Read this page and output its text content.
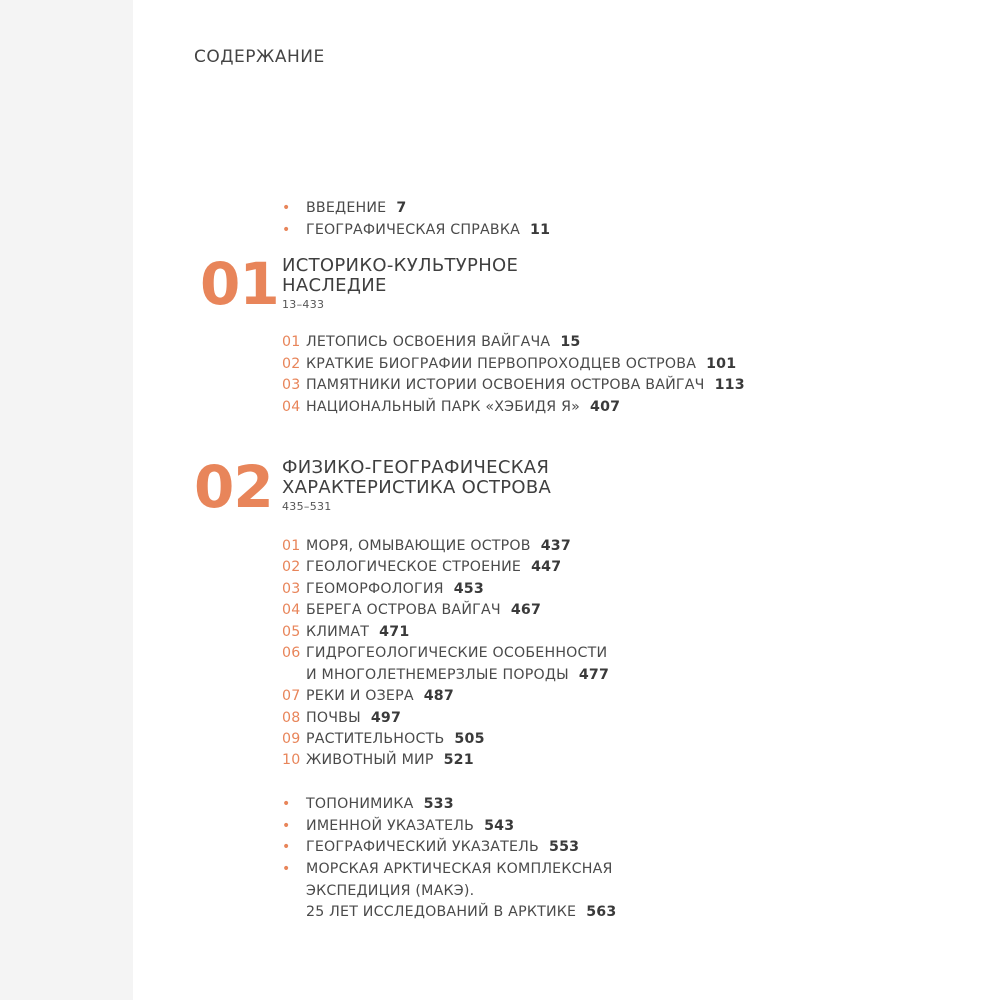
СОДЕРЖАНИЕ
• ВВЕДЕНИЕ 7
• ГЕОГРАФИЧЕСКАЯ СПРАВКА 11
01 ИСТОРИКО-КУЛЬТУРНОЕ
НАСЛЕДИЕ
13–433
01 ЛЕТОПИСЬ ОСВОЕНИЯ ВАЙГАЧА 15
02 КРАТКИЕ БИОГРАФИИ ПЕРВОПРОХОДЦЕВ ОСТРОВА 101
03 ПАМЯТНИКИ ИСТОРИИ ОСВОЕНИЯ ОСТРОВА ВАЙГАЧ 113
04 НАЦИОНАЛЬНЫЙ ПАРК «ХЭБИДЯ Я» 407
02 ФИЗИКО-ГЕОГРАФИЧЕСКАЯ
ХАРАКТЕРИСТИКА ОСТРОВА
435–531
01 МОРЯ, ОМЫВАЮЩИЕ ОСТРОВ 437
02 ГЕОЛОГИЧЕСКОЕ СТРОЕНИЕ 447
03 ГЕОМОРФОЛОГИЯ 453
04 БЕРЕГА ОСТРОВА ВАЙГАЧ 467
05 КЛИМАТ 471
06 ГИДРОГЕОЛОГИЧЕСКИЕ ОСОБЕННОСТИ
И МНОГОЛЕТНЕМЕРЗЛЫЕ ПОРОДЫ 477
07 РЕКИ И ОЗЕРА 487
08 ПОЧВЫ 497
09 РАСТИТЕЛЬНОСТЬ 505
10 ЖИВОТНЫЙ МИР 521
• ТОПОНИМИКА 533
• ИМЕННОЙ УКАЗАТЕЛЬ 543
• ГЕОГРАФИЧЕСКИЙ УКАЗАТЕЛЬ 553
• МОРСКАЯ АРКТИЧЕСКАЯ КОМПЛЕКСНАЯ
ЭКСПЕДИЦИЯ (МАКЭ).
25 ЛЕТ ИССЛЕДОВАНИЙ В АРКТИКЕ 563
